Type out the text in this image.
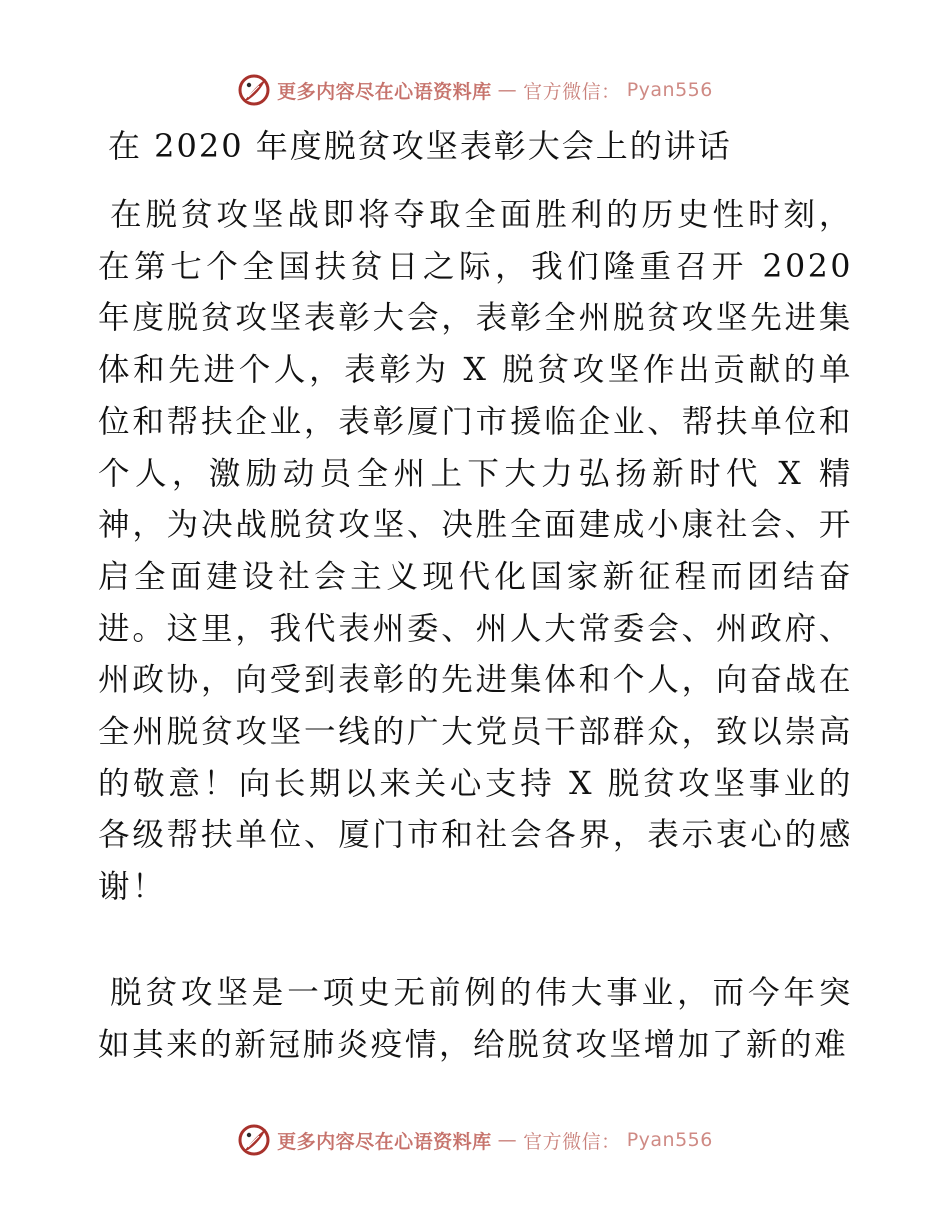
更多内容尽在心语资料库 — 官方微信： Pyan556
在 2020 年度脱贫攻坚表彰大会上的讲话

在脱贫攻坚战即将夺取全面胜利的历史性时刻，在第七个全国扶贫日之际，我们隆重召开 2020 年度脱贫攻坚表彰大会，表彰全州脱贫攻坚先进集体和先进个人，表彰为 X 脱贫攻坚作出贡献的单位和帮扶企业，表彰厦门市援临企业、帮扶单位和个人，激励动员全州上下大力弘扬新时代 X 精神，为决战脱贫攻坚、决胜全面建成小康社会、开启全面建设社会主义现代化国家新征程而团结奋进。这里，我代表州委、州人大常委会、州政府、州政协，向受到表彰的先进集体和个人，向奋战在全州脱贫攻坚一线的广大党员干部群众，致以崇高的敬意！向长期以来关心支持 X 脱贫攻坚事业的各级帮扶单位、厦门市和社会各界，表示衷心的感谢！

脱贫攻坚是一项史无前例的伟大事业，而今年突如其来的新冠肺炎疫情，给脱贫攻坚增加了新的难

更多内容尽在心语资料库 — 官方微信： Pyan556
